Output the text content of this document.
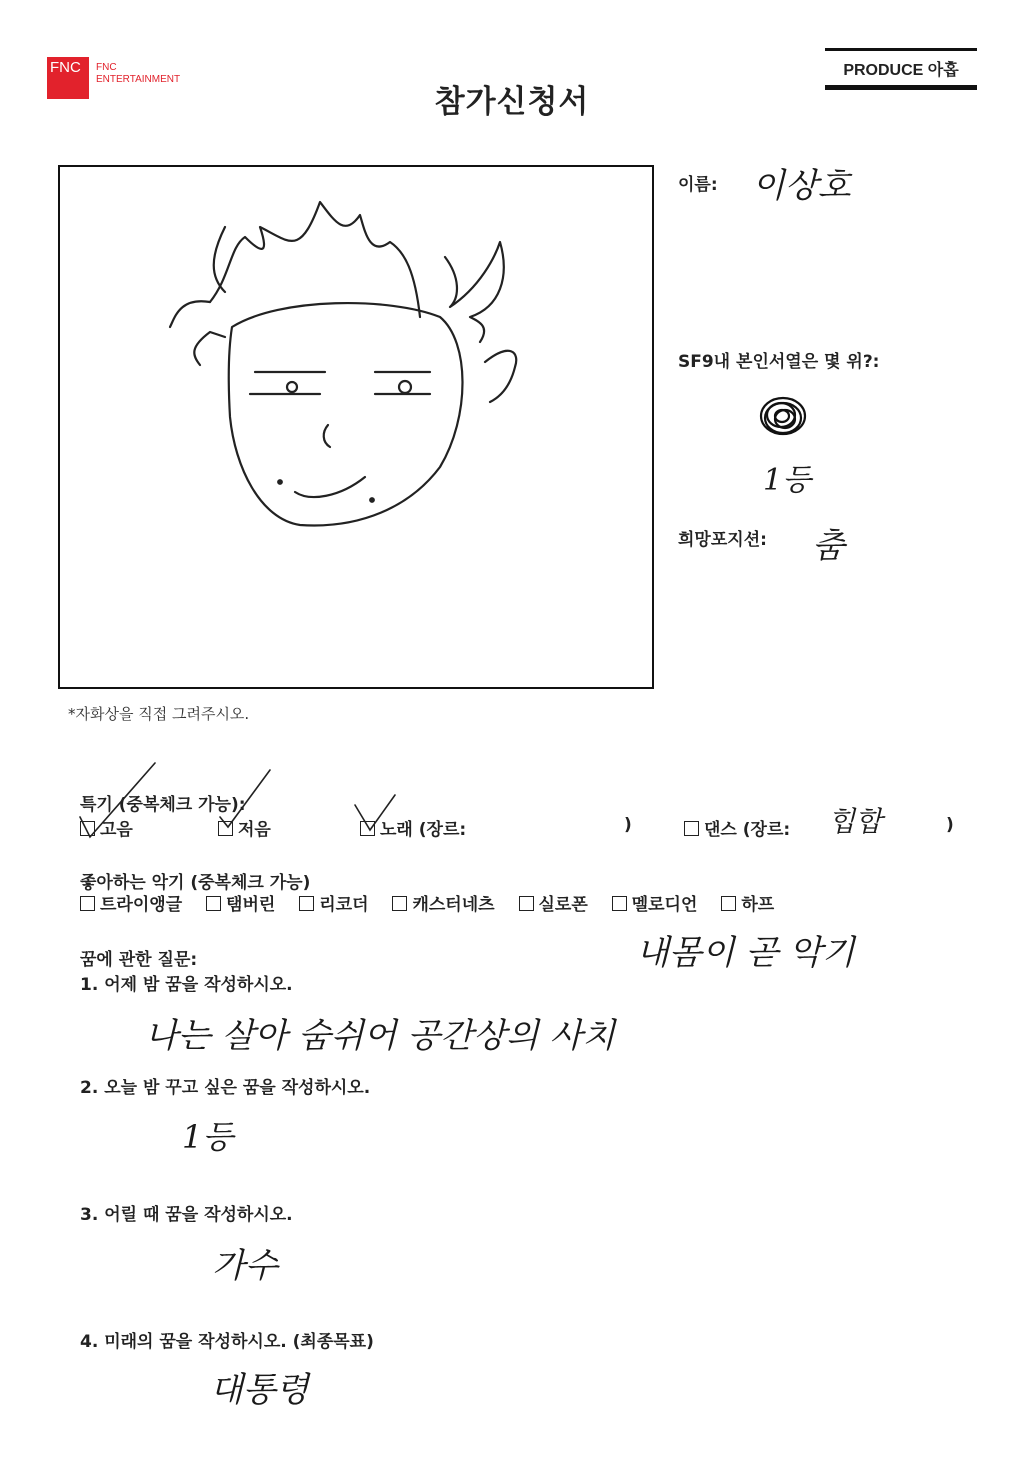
FNC FNC
ENTERTAINMENT
PRODUCE 아홉
참가신청서
*자화상을 직접 그려주시오.
이름: 이상호
SF9내 본인서열은 몇 위?:
1등
희망포지션: 춤
특기 (중복체크 가능):
고음	저음	노래 (장르:	)	댄스 (장르: 힙합	)
좋아하는 악기 (중복체크 가능)
트라이앵글	탬버린	리코더	캐스터네츠	실로폰	멜로디언	하프
내몸이 곧 악기
꿈에 관한 질문:
1. 어제 밤 꿈을 작성하시오.
나는 살아 숨쉬어 공간상의 사치
2. 오늘 밤 꾸고 싶은 꿈을 작성하시오.
1등
3. 어릴 때 꿈을 작성하시오.
가수
4. 미래의 꿈을 작성하시오. (최종목표)
대통령
